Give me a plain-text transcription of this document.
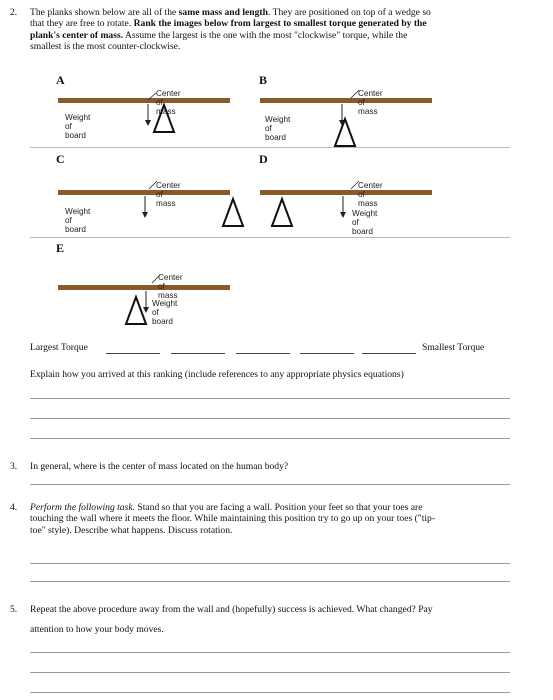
2. The planks shown below are all of the same mass and length. They are positioned on top of a wedge so
that they are free to rotate. Rank the images below from largest to smallest torque generated by the
plank's center of mass. Assume the largest is the one with the most "clockwise" torque, while the
smallest is the most counter-clockwise.
A
Center of mass
Weight of board
B
Center of mass
Weight of board
C
Center of mass
Weight of board
D
Center of mass
Weight of board
E
Center of mass
Weight of board
Largest Torque	Smallest Torque
Explain how you arrived at this ranking (include references to any appropriate physics equations)
3. In general, where is the center of mass located on the human body?
4. Perform the following task. Stand so that you are facing a wall. Position your feet so that your toes are
touching the wall where it meets the floor. While maintaining this position try to go up on your toes ("tip-
toe" style). Describe what happens. Discuss rotation.
5. Repeat the above procedure away from the wall and (hopefully) success is achieved. What changed? Pay
attention to how your body moves.
